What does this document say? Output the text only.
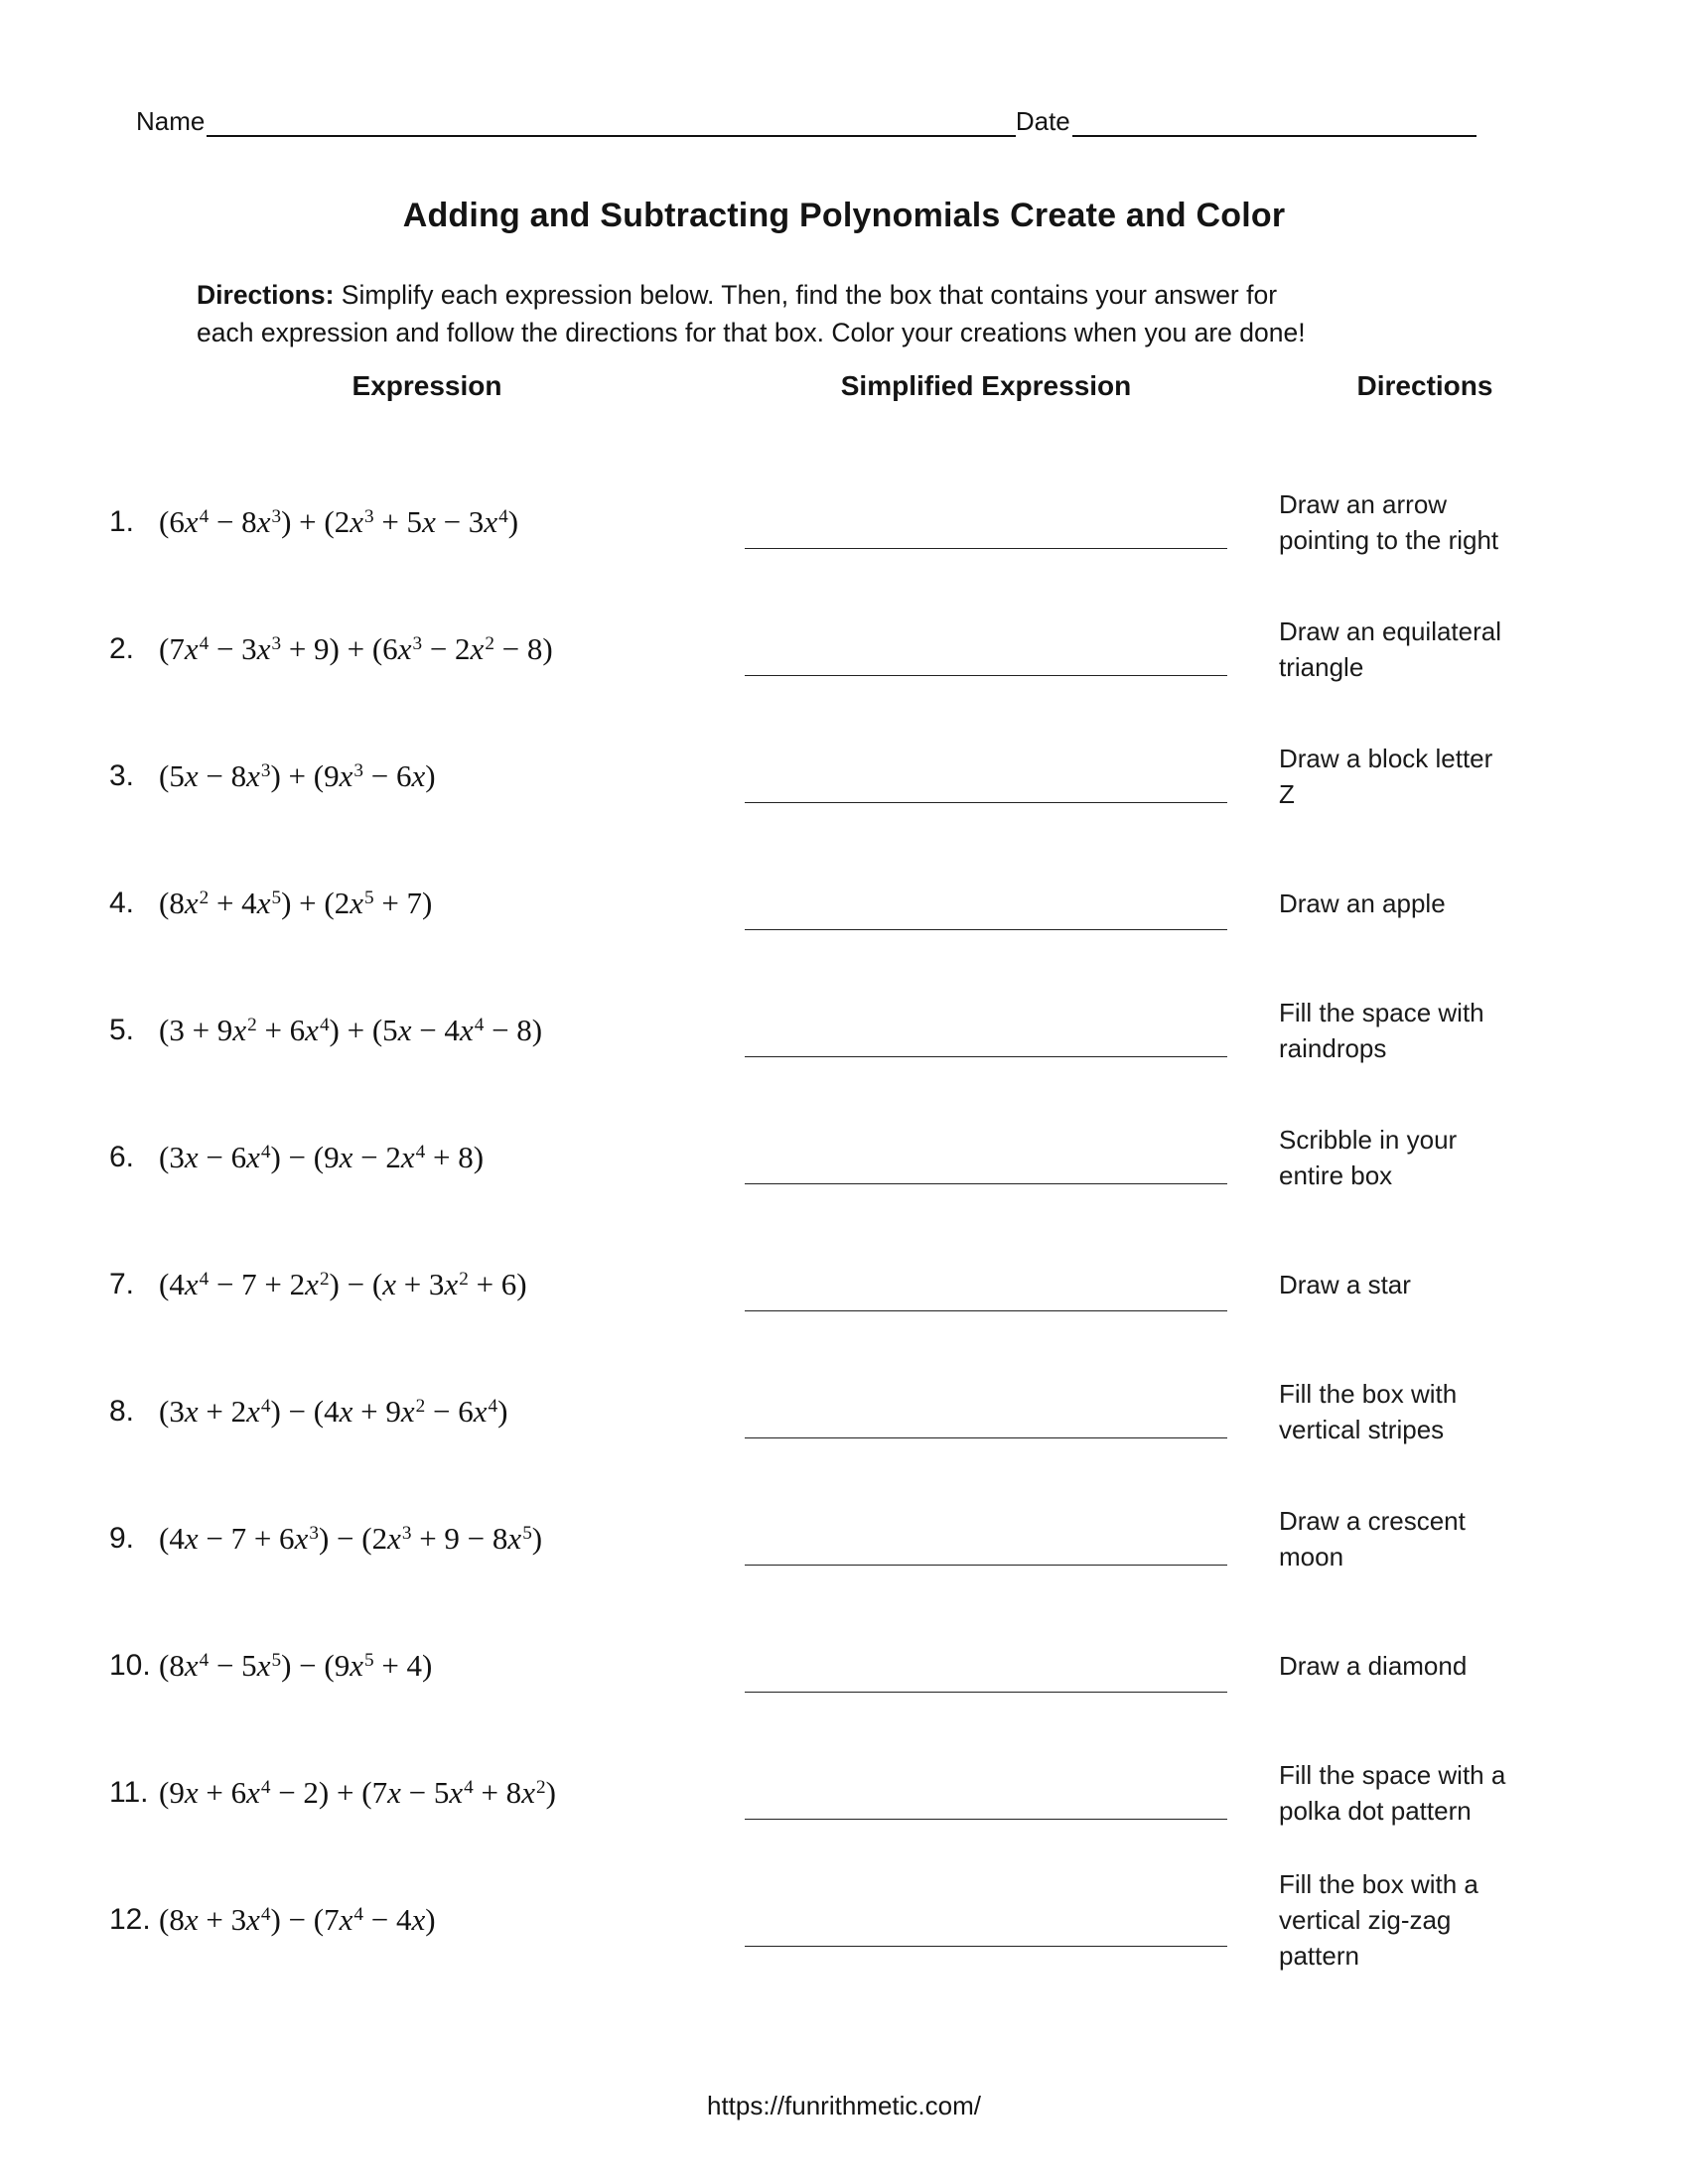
Name	Date
Adding and Subtracting Polynomials Create and Color
Directions: Simplify each expression below. Then, find the box that contains your answer for
each expression and follow the directions for that box. Color your creations when you are done!
Expression	Simplified Expression	Directions
1. $(6x^4 - 8x^3) + (2x^3 + 5x - 3x^4)$	Draw an arrow
pointing to the right
2. $(7x^4 - 3x^3 + 9) + (6x^3 - 2x^2 - 8)$	Draw an equilateral
triangle
3. $(5x - 8x^3) + (9x^3 - 6x)$	Draw a block letter
Z
4. $(8x^2 + 4x^5) + (2x^5 + 7)$	Draw an apple
5. $(3 + 9x^2 + 6x^4) + (5x - 4x^4 - 8)$	Fill the space with
raindrops
6. $(3x - 6x^4) - (9x - 2x^4 + 8)$	Scribble in your
entire box
7. $(4x^4 - 7 + 2x^2) - (x + 3x^2 + 6)$	Draw a star
8. $(3x + 2x^4) - (4x + 9x^2 - 6x^4)$	Fill the box with
vertical stripes
9. $(4x - 7 + 6x^3) - (2x^3 + 9 - 8x^5)$	Draw a crescent
moon
10. $(8x^4 - 5x^5) - (9x^5 + 4)$	Draw a diamond
11. $(9x + 6x^4 - 2) + (7x - 5x^4 + 8x^2)$	Fill the space with a
polka dot pattern
12. $(8x + 3x^4) - (7x^4 - 4x)$
Fill the box with a
vertical zig-zag
pattern
https://funrithmetic.com/
